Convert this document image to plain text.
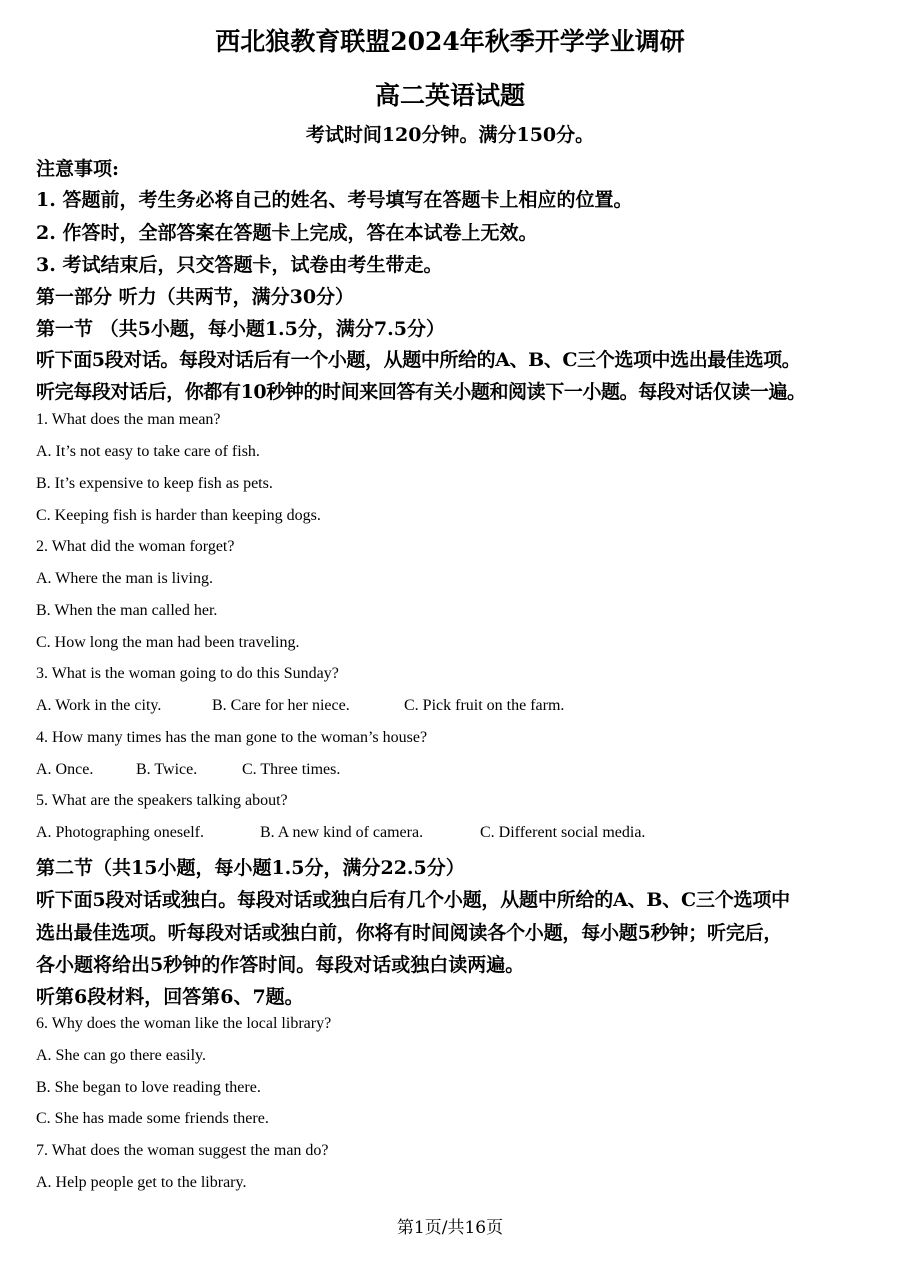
西北狼教育联盟2024年秋季开学学业调研
高二英语试题
考试时间120分钟。满分150分。
注意事项:
1. 答题前，考生务必将自己的姓名、考号填写在答题卡上相应的位置。
2. 作答时，全部答案在答题卡上完成，答在本试卷上无效。
3. 考试结束后，只交答题卡，试卷由考生带走。
第一部分 听力（共两节，满分30分）
第一节 （共5小题，每小题1.5分，满分7.5分）
听下面5段对话。每段对话后有一个小题，从题中所给的A、B、C三个选项中选出最佳选项。
听完每段对话后，你都有10秒钟的时间来回答有关小题和阅读下一小题。每段对话仅读一遍。
1. What does the man mean?
A. It’s not easy to take care of fish.
B. It’s expensive to keep fish as pets.
C. Keeping fish is harder than keeping dogs.
2. What did the woman forget?
A. Where the man is living.
B. When the man called her.
C. How long the man had been traveling.
3. What is the woman going to do this Sunday?
A. Work in the city.	B. Care for her niece.	C. Pick fruit on the farm.
4. How many times has the man gone to the woman’s house?
A. Once.	B. Twice.	C. Three times.
5. What are the speakers talking about?
A. Photographing oneself.	B. A new kind of camera.	C. Different social media.
第二节（共15小题，每小题1.5分，满分22.5分）
听下面5段对话或独白。每段对话或独白后有几个小题，从题中所给的A、B、C三个选项中
选出最佳选项。听每段对话或独白前，你将有时间阅读各个小题，每小题5秒钟；听完后，
各小题将给出5秒钟的作答时间。每段对话或独白读两遍。
听第6段材料，回答第6、7题。
6. Why does the woman like the local library?
A. She can go there easily.
B. She began to love reading there.
C. She has made some friends there.
7. What does the woman suggest the man do?
A. Help people get to the library.
第1页/共16页
